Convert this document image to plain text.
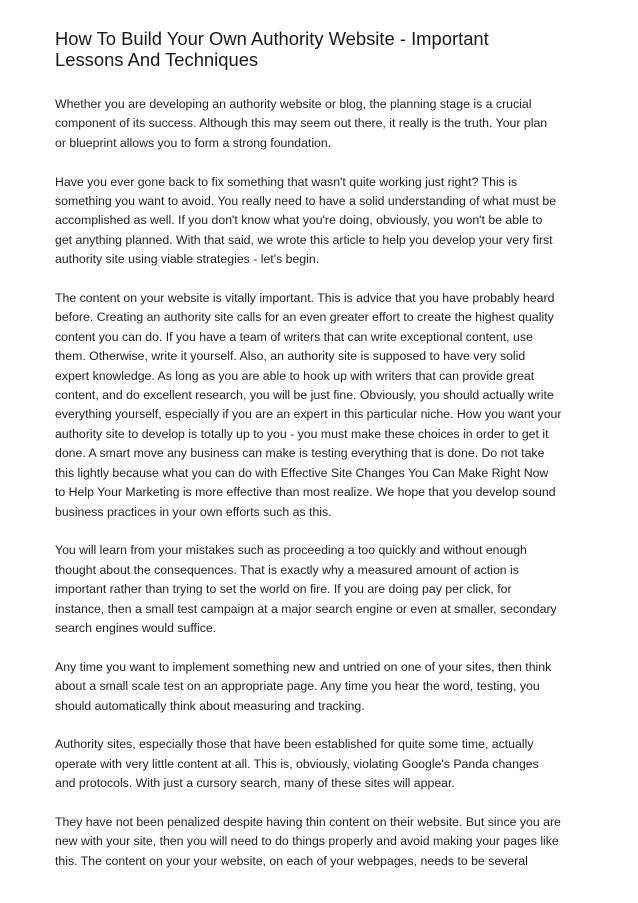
How To Build Your Own Authority Website - Important
Lessons And Techniques

Whether you are developing an authority website or blog, the planning stage is a crucial
component of its success. Although this may seem out there, it really is the truth. Your plan
or blueprint allows you to form a strong foundation.

Have you ever gone back to fix something that wasn't quite working just right? This is
something you want to avoid. You really need to have a solid understanding of what must be
accomplished as well. If you don't know what you're doing, obviously, you won't be able to
get anything planned. With that said, we wrote this article to help you develop your very first
authority site using viable strategies - let's begin.

The content on your website is vitally important. This is advice that you have probably heard
before. Creating an authority site calls for an even greater effort to create the highest quality
content you can do. If you have a team of writers that can write exceptional content, use
them. Otherwise, write it yourself. Also, an authority site is supposed to have very solid
expert knowledge. As long as you are able to hook up with writers that can provide great
content, and do excellent research, you will be just fine. Obviously, you should actually write
everything yourself, especially if you are an expert in this particular niche. How you want your
authority site to develop is totally up to you - you must make these choices in order to get it
done. A smart move any business can make is testing everything that is done. Do not take
this lightly because what you can do with Effective Site Changes You Can Make Right Now
to Help Your Marketing is more effective than most realize. We hope that you develop sound
business practices in your own efforts such as this.

You will learn from your mistakes such as proceeding a too quickly and without enough
thought about the consequences. That is exactly why a measured amount of action is
important rather than trying to set the world on fire. If you are doing pay per click, for
instance, then a small test campaign at a major search engine or even at smaller, secondary
search engines would suffice.

Any time you want to implement something new and untried on one of your sites, then think
about a small scale test on an appropriate page. Any time you hear the word, testing, you
should automatically think about measuring and tracking.

Authority sites, especially those that have been established for quite some time, actually
operate with very little content at all. This is, obviously, violating Google's Panda changes
and protocols. With just a cursory search, many of these sites will appear.

They have not been penalized despite having thin content on their website. But since you are
new with your site, then you will need to do things properly and avoid making your pages like
this. The content on your your website, on each of your webpages, needs to be several
